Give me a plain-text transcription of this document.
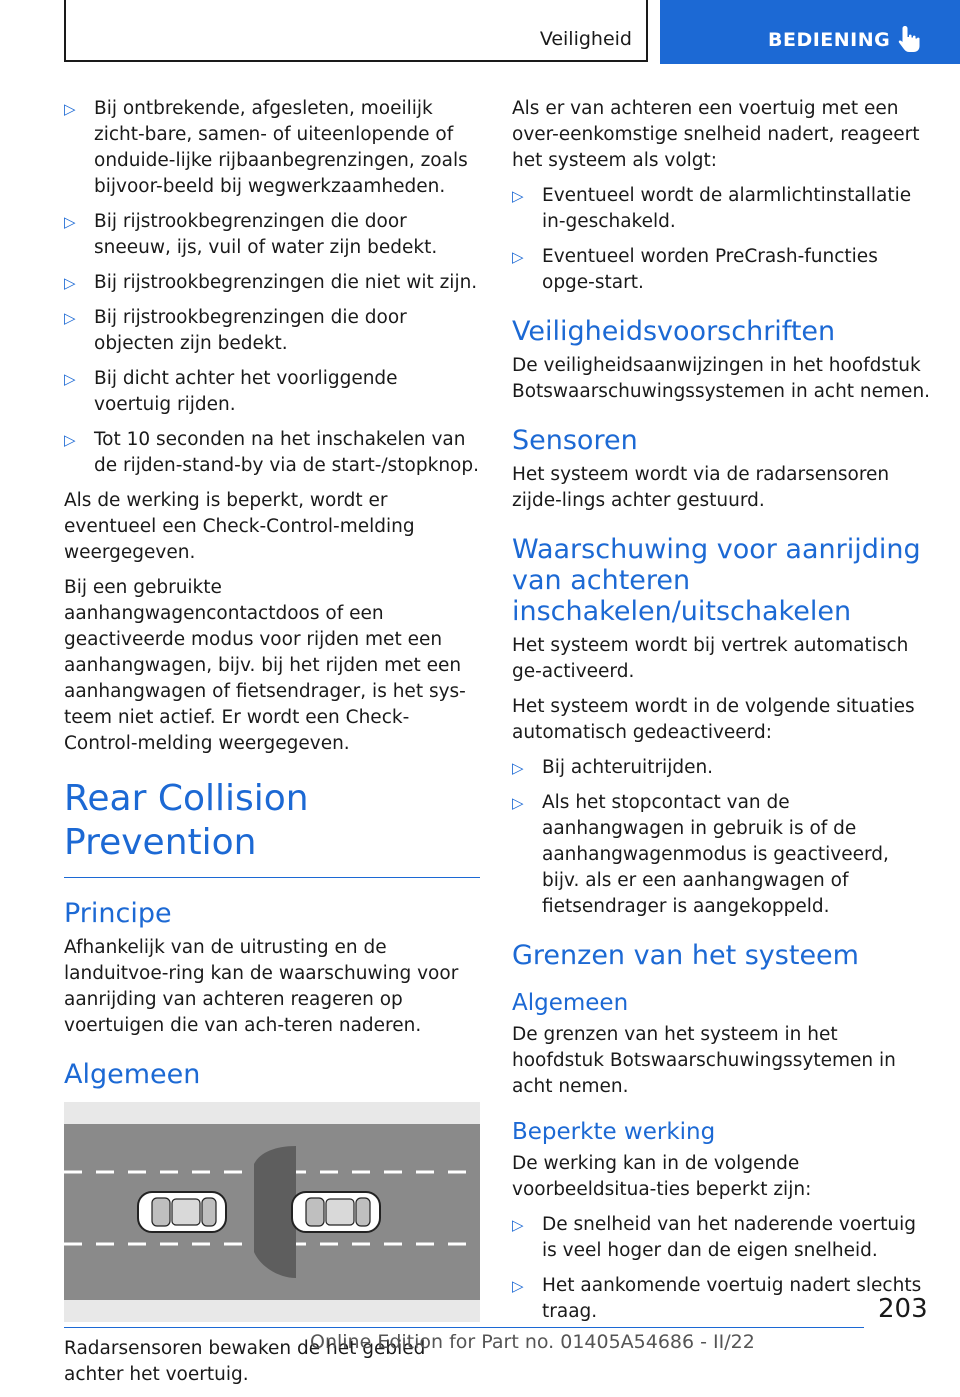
Veiligheid	BEDIENING
▷ Bij ontbrekende, afgesleten, moeilijk zicht-bare, samen- of uiteenlopende of onduide-lijke rijbaanbegrenzingen, zoals bijvoor-beeld bij wegwerkzaamheden.
▷ Bij rijstrookbegrenzingen die door sneeuw, ijs, vuil of water zijn bedekt.
▷ Bij rijstrookbegrenzingen die niet wit zijn.
▷ Bij rijstrookbegrenzingen die door objecten zijn bedekt.
▷ Bij dicht achter het voorliggende voertuig rijden.
▷ Tot 10 seconden na het inschakelen van de rijden-stand-by via de start-/stopknop.

Als de werking is beperkt, wordt er eventueel een Check-Control-melding weergegeven.

Bij een gebruikte aanhangwagencontactdoos of een geactiveerde modus voor rijden met een aanhangwagen, bijv. bij het rijden met een aanhangwagen of fietsendrager, is het sys-teem niet actief. Er wordt een Check-Control-melding weergegeven.

Rear Collision Prevention
Principe

Afhankelijk van de uitrusting en de landuitvoe-ring kan de waarschuwing voor aanrijding van achteren reageren op voertuigen die van ach-teren naderen.

Algemeen

Radarsensoren bewaken de het gebied achter het voertuig.

Als er van achteren een voertuig met een over-eenkomstige snelheid nadert, reageert het systeem als volgt:

▷ Eventueel wordt de alarmlichtinstallatie in-geschakeld.
▷ Eventueel worden PreCrash-functies opge-start.
Veiligheidsvoorschriften

De veiligheidsaanwijzingen in het hoofdstuk Botswaarschuwingssystemen in acht nemen.

Sensoren

Het systeem wordt via de radarsensoren zijde-lings achter gestuurd.

Waarschuwing voor aanrijding van achteren inschakelen/uitschakelen

Het systeem wordt bij vertrek automatisch ge-activeerd.

Het systeem wordt in de volgende situaties automatisch gedeactiveerd:

▷ Bij achteruitrijden.
▷ Als het stopcontact van de aanhangwagen in gebruik is of de aanhangwagenmodus is geactiveerd, bijv. als er een aanhangwagen of fietsendrager is aangekoppeld.
Grenzen van het systeem
Algemeen

De grenzen van het systeem in het hoofdstuk Botswaarschuwingssytemen in acht nemen.

Beperkte werking

De werking kan in de volgende voorbeeldsitua-ties beperkt zijn:

▷ De snelheid van het naderende voertuig is veel hoger dan de eigen snelheid.
▷ Het aankomende voertuig nadert slechts traag.	203
Online Edition for Part no. 01405A54686 - II/22
